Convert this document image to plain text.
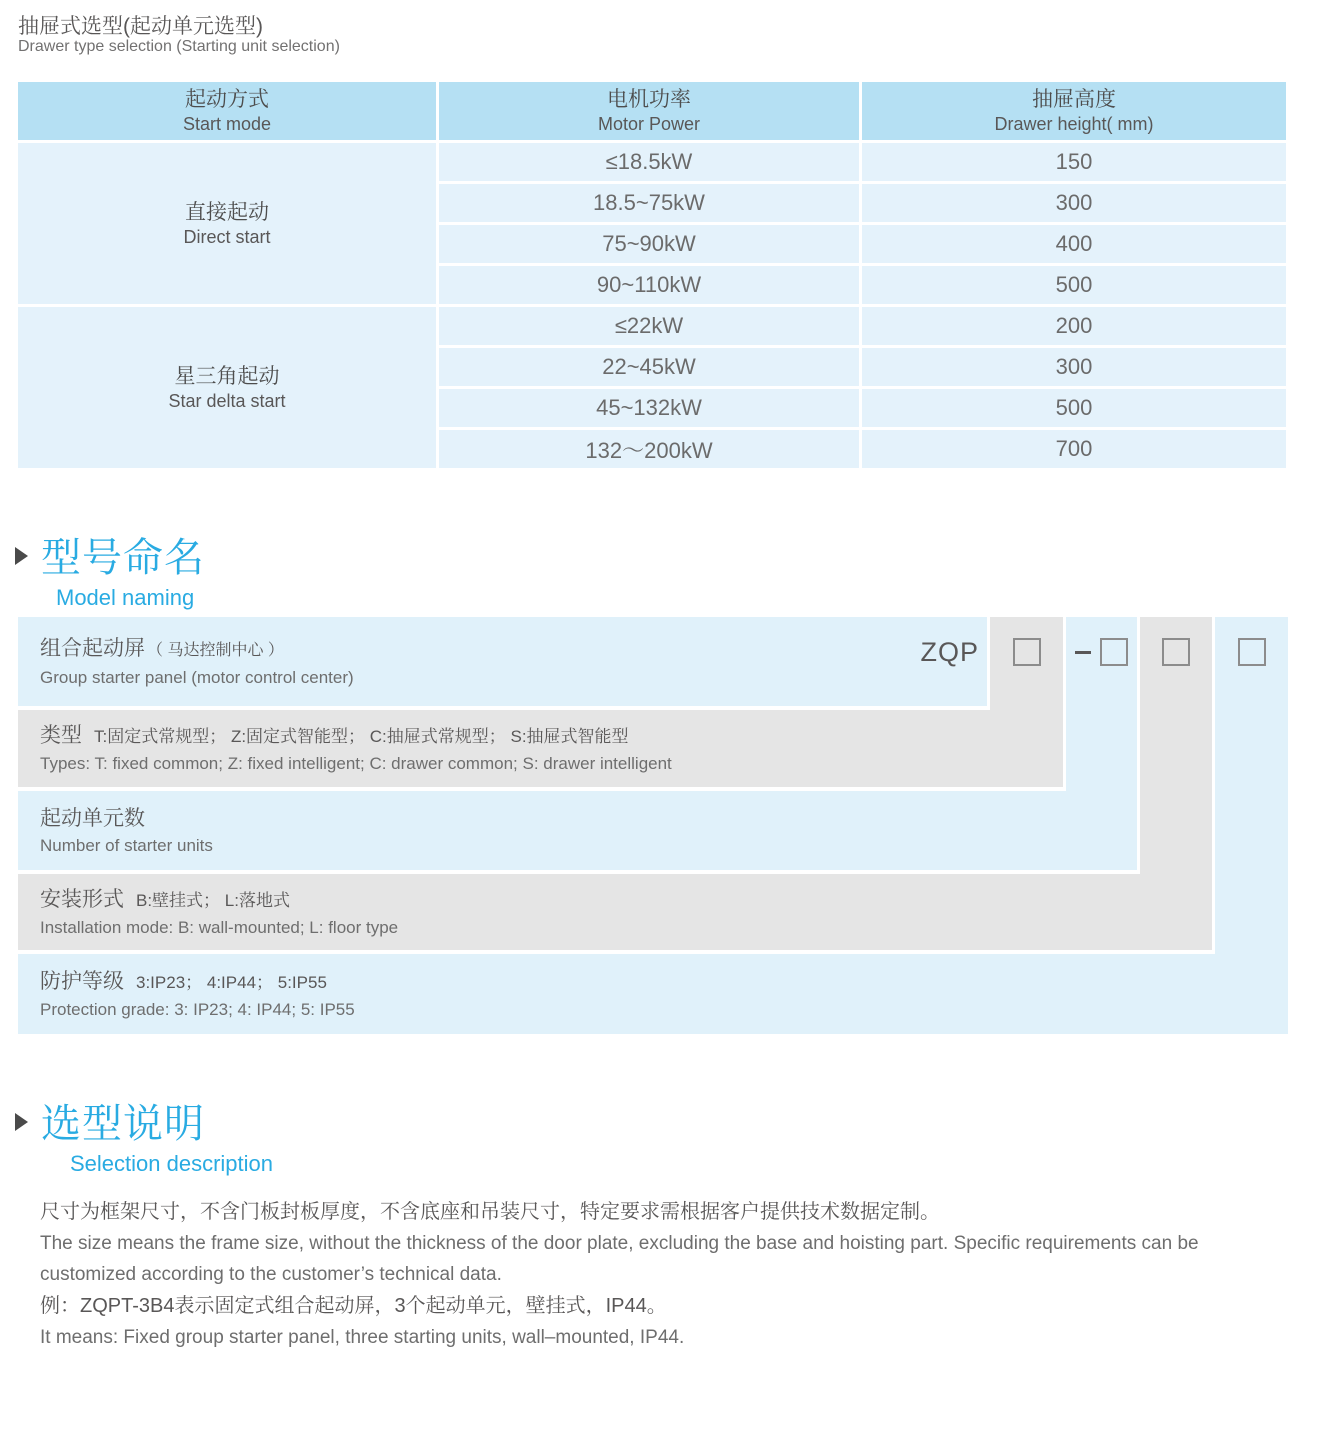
抽屉式选型(起动单元选型)
Drawer type selection (Starting unit selection)
起动方式
Start mode
直接起动
Direct start
星三角起动
Star delta start
电机功率
Motor Power
≤18.5kW
18.5~75kW
75~90kW
90~110kW
≤22kW
22~45kW
45~132kW
132～200kW
抽屉高度
Drawer height( mm)
150
300
400
500
200
300
500
700
型号命名
Model naming
组合起动屏 （ 马达控制中心 ）
Group starter panel (motor control center)
类型 T:固定式常规型； Z:固定式智能型； C:抽屉式常规型； S:抽屉式智能型
Types: T: fixed common; Z: fixed intelligent; C: drawer common; S: drawer intelligent
起动单元数
Number of starter units
安装形式 B:壁挂式； L:落地式
Installation mode: B: wall-mounted; L: floor type
防护等级 3:IP23； 4:IP44； 5:IP55
Protection grade: 3: IP23; 4: IP44; 5: IP55
ZQP
选型说明
Selection description
尺寸为框架尺寸，不含门板封板厚度，不含底座和吊装尺寸，特定要求需根据客户提供技术数据定制。
The size means the frame size, without the thickness of the door plate, excluding the base and hoisting part. Specific requirements can be customized according to the customer’s technical data.
例：ZQPT-3B4表示固定式组合起动屏，3个起动单元，壁挂式，IP44。
It means: Fixed group starter panel, three starting units, wall–mounted, IP44.
